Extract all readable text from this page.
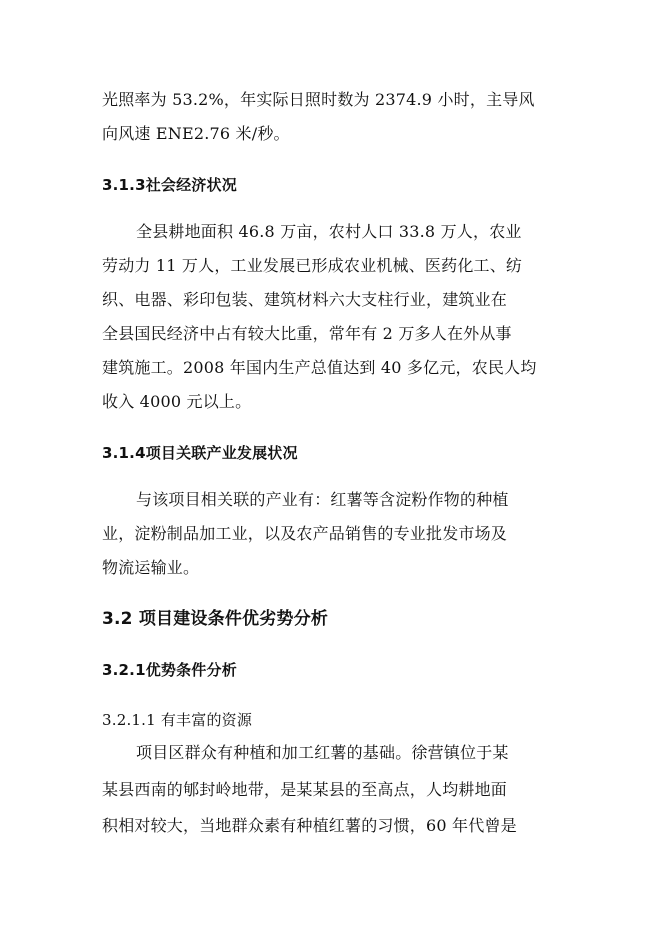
光照率为 53.2%，年实际日照时数为 2374.9 小时，主导风
向风速 ENE2.76 米/秒。
3.1.3社会经济状况
全县耕地面积 46.8 万亩，农村人口 33.8 万人，农业
劳动力 11 万人，工业发展已形成农业机械、医药化工、纺
织、电器、彩印包装、建筑材料六大支柱行业，建筑业在
全县国民经济中占有较大比重，常年有 2 万多人在外从事
建筑施工。2008 年国内生产总值达到 40 多亿元，农民人均
收入 4000 元以上。
3.1.4项目关联产业发展状况
与该项目相关联的产业有：红薯等含淀粉作物的种植
业，淀粉制品加工业，以及农产品销售的专业批发市场及
物流运输业。
3.2 项目建设条件优劣势分析
3.2.1优势条件分析
3.2.1.1 有丰富的资源
项目区群众有种植和加工红薯的基础。徐营镇位于某
某县西南的郇封岭地带，是某某县的至高点，人均耕地面
积相对较大，当地群众素有种植红薯的习惯，60 年代曾是
